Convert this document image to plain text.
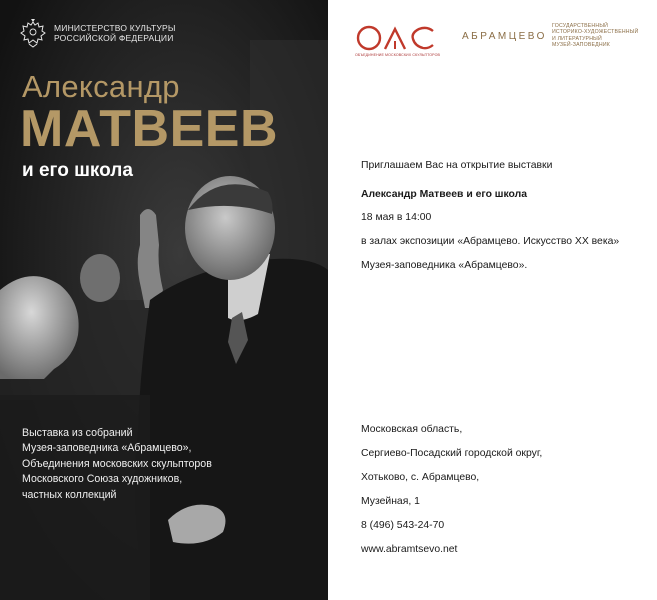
МИНИСТЕРСТВО КУЛЬТУРЫ
РОССИЙСКОЙ ФЕДЕРАЦИИ
Александр
МАТВЕЕВ
и его школа
Выставка из собраний
Музея-заповедника «Абрамцево»,
Объединения московских скульпторов
Московского Союза художников,
частных коллекций
ОБЪЕДИНЕНИЕ МОСКОВСКИХ СКУЛЬПТОРОВ
АБРАМЦЕВО
ГОСУДАРСТВЕННЫЙ
ИСТОРИКО-ХУДОЖЕСТВЕННЫЙ
И ЛИТЕРАТУРНЫЙ
МУЗЕЙ-ЗАПОВЕДНИК
Приглашаем Вас на открытие выставки
Александр Матвеев и его школа
18 мая в 14:00
в залах экспозиции «Абрамцево. Искусство XX века»
Музея-заповедника «Абрамцево».
Московская область,
Сергиево-Посадский городской округ,
Хотьково, с. Абрамцево,
Музейная, 1
8 (496) 543-24-70
www.abramtsevo.net
